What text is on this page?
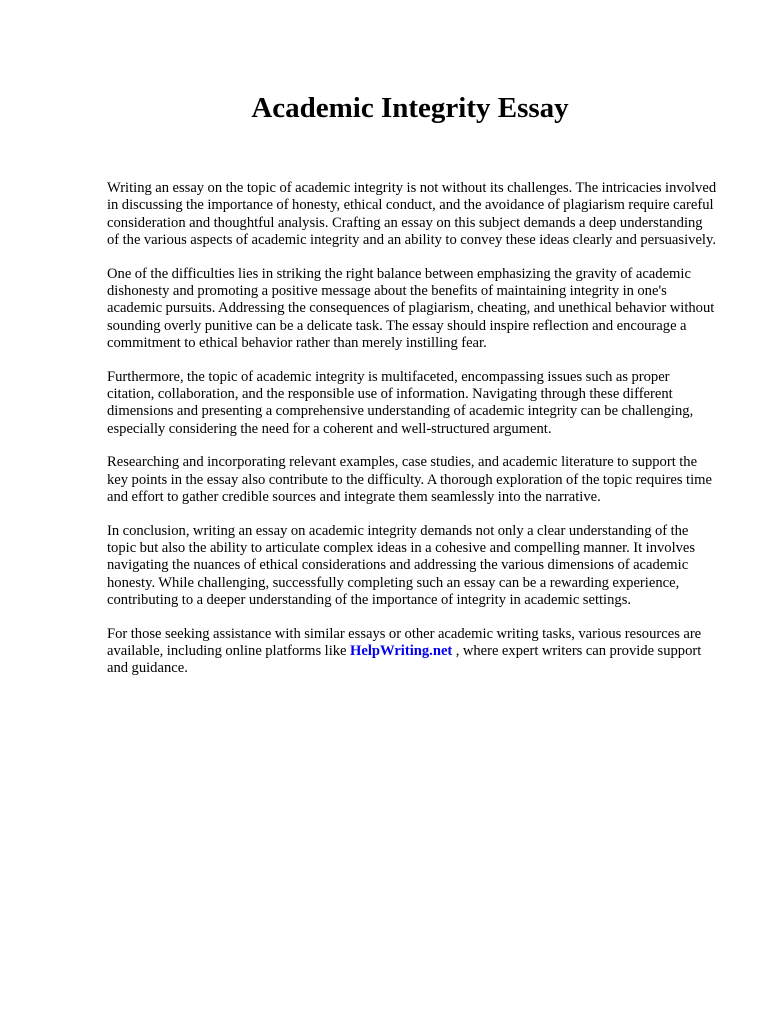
Academic Integrity Essay

Writing an essay on the topic of academic integrity is not without its challenges. The intricacies involved in discussing the importance of honesty, ethical conduct, and the avoidance of plagiarism require careful consideration and thoughtful analysis. Crafting an essay on this subject demands a deep understanding of the various aspects of academic integrity and an ability to convey these ideas clearly and persuasively.

One of the difficulties lies in striking the right balance between emphasizing the gravity of academic dishonesty and promoting a positive message about the benefits of maintaining integrity in one's academic pursuits. Addressing the consequences of plagiarism, cheating, and unethical behavior without sounding overly punitive can be a delicate task. The essay should inspire reflection and encourage a commitment to ethical behavior rather than merely instilling fear.

Furthermore, the topic of academic integrity is multifaceted, encompassing issues such as proper citation, collaboration, and the responsible use of information. Navigating through these different dimensions and presenting a comprehensive understanding of academic integrity can be challenging, especially considering the need for a coherent and well-structured argument.

Researching and incorporating relevant examples, case studies, and academic literature to support the key points in the essay also contribute to the difficulty. A thorough exploration of the topic requires time and effort to gather credible sources and integrate them seamlessly into the narrative.

In conclusion, writing an essay on academic integrity demands not only a clear understanding of the topic but also the ability to articulate complex ideas in a cohesive and compelling manner. It involves navigating the nuances of ethical considerations and addressing the various dimensions of academic honesty. While challenging, successfully completing such an essay can be a rewarding experience, contributing to a deeper understanding of the importance of integrity in academic settings.

For those seeking assistance with similar essays or other academic writing tasks, various resources are available, including online platforms like HelpWriting.net , where expert writers can provide support and guidance.
